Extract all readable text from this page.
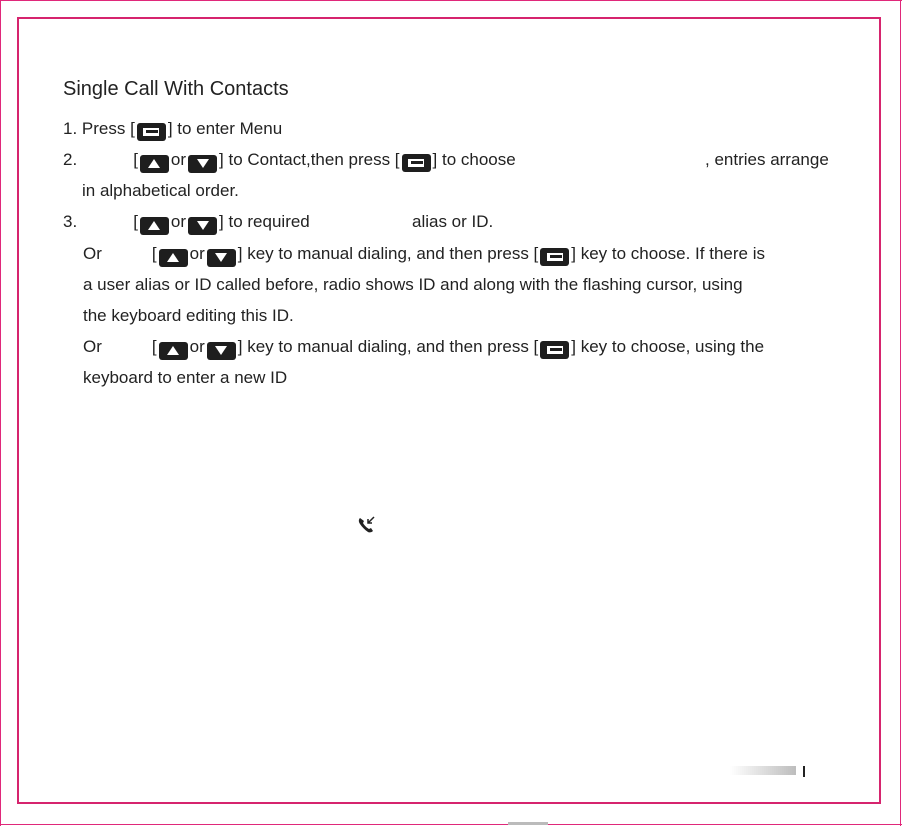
Single Call With Contacts
1. Press [ ] to enter Menu
2.	[ or ] to Contact,then press [ ] to choose	, entries arrange
in alphabetical order.
3.	[ or ] to required	alias or ID.
Or	[ or ] key to manual dialing, and then press [ ] key to choose. If there is
a user alias or ID called before, radio shows ID and along with the flashing cursor, using
the keyboard editing this ID.
Or	[ or ] key to manual dialing, and then press [ ] key to choose, using the
keyboard to enter a new ID
